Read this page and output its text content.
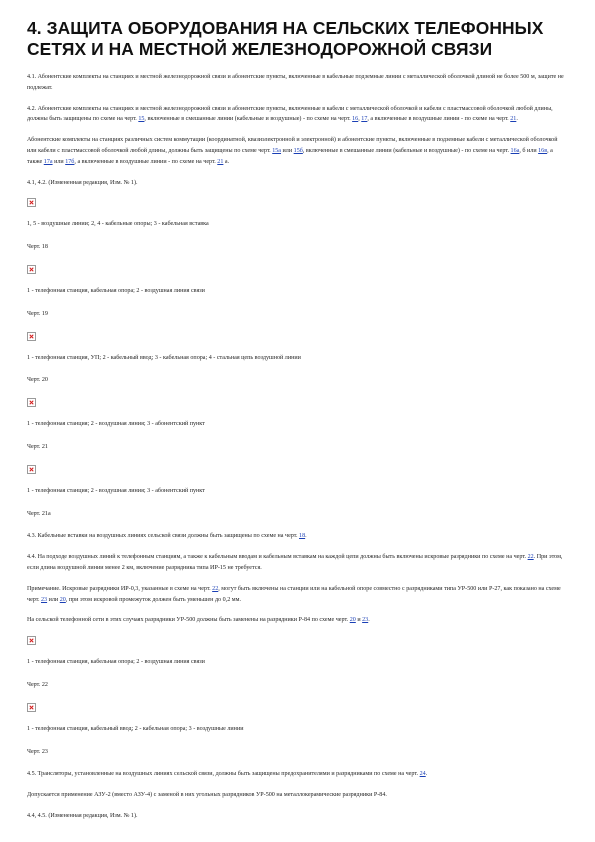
4. ЗАЩИТА ОБОРУДОВАНИЯ НА СЕЛЬСКИХ ТЕЛЕФОННЫХ СЕТЯХ И НА МЕСТНОЙ ЖЕЛЕЗНОДОРОЖНОЙ СВЯЗИ

4.1. Абонентские комплекты на станциях и местной железнодорожной связи и абонентские пункты, включенные в кабельные подземные линии с металлической оболочкой длиной не более 500 м, защите не подлежат.

4.2. Абонентские комплекты на станциях и местной железнодорожной связи и абонентские пункты, включенные в кабели с металлической оболочкой и кабели с пластмассовой оболочкой любой длины, должны быть защищены по схеме на черт. 15, включенные в смешанные линии (кабельные и воздушные) - по схеме на черт. 16, 17, а включенные в воздушные линии - по схеме на черт. 21.

Абонентские комплекты на станциях различных систем коммутации (координатной, квазиэлектронной и электронной) и абонентские пункты, включенные в подземные кабели с металлической оболочкой или кабели с пластмассовой оболочкой любой длины, должны быть защищены по схеме черт. 15а или 15б, включенные в смешанные линии (кабельные и воздушные) - по схеме на черт. 16а, б или 16в, а также 17а или 17б, а включенные в воздушные линии - по схеме на черт. 21 а.

4.1, 4.2. (Измененная редакция, Изм. № 1).

1, 5 - воздушные линии; 2, 4 - кабельные опоры; 3 - кабельная вставка

Черт. 18

1 - телефонная станция, кабельная опора; 2 - воздушная линия связи

Черт. 19

1 - телефонная станция, УП; 2 - кабельный ввод; 3 - кабельная опора; 4 - стальная цепь воздушной линии

Черт. 20

1 - телефонная станция; 2 - воздушная линия; 3 - абонентский пункт

Черт. 21

1 - телефонная станция; 2 - воздушная линия; 3 - абонентский пункт

Черт. 21а

4.3. Кабельные вставки на воздушных линиях сельской связи должны быть защищены по схеме на черт. 18.

4.4. На подходе воздушных линий к телефонным станциям, а также к кабельным вводам и кабельным вставкам на каждой цепи должны быть включены искровые разрядники по схеме на черт. 22. При этом, если длина воздушной линии менее 2 км, включение разрядника типа ИР-15 не требуется.

Примечание. Искровые разрядники ИР-0,3, указанные в схеме на черт. 22, могут быть включены на станции или на кабельной опоре совместно с разрядниками типа УР-500 или Р-27, как показано на схеме черт. 23 или 20, при этом искровой промежуток должен быть уменьшен до 0,2 мм.

На сельской телефонной сети в этих случаях разрядники УР-500 должны быть заменены на разрядники Р-84 по схеме черт. 20 и 23.

1 - телефонная станция, кабельная опора; 2 - воздушная линия связи

Черт. 22

1 - телефонная станция, кабельный ввод; 2 - кабельная опора; 3 - воздушные линии

Черт. 23

4.5. Трансляторы, установленные на воздушных линиях сельской связи, должны быть защищены предохранителями и разрядниками по схеме на черт. 24.

Допускается применение АЗУ-2 (вместо АЗУ-4) с заменой в них угольных разрядников УР-500 на металлокерамические разрядники Р-84.

4.4, 4.5. (Измененная редакция, Изм. № 1).
